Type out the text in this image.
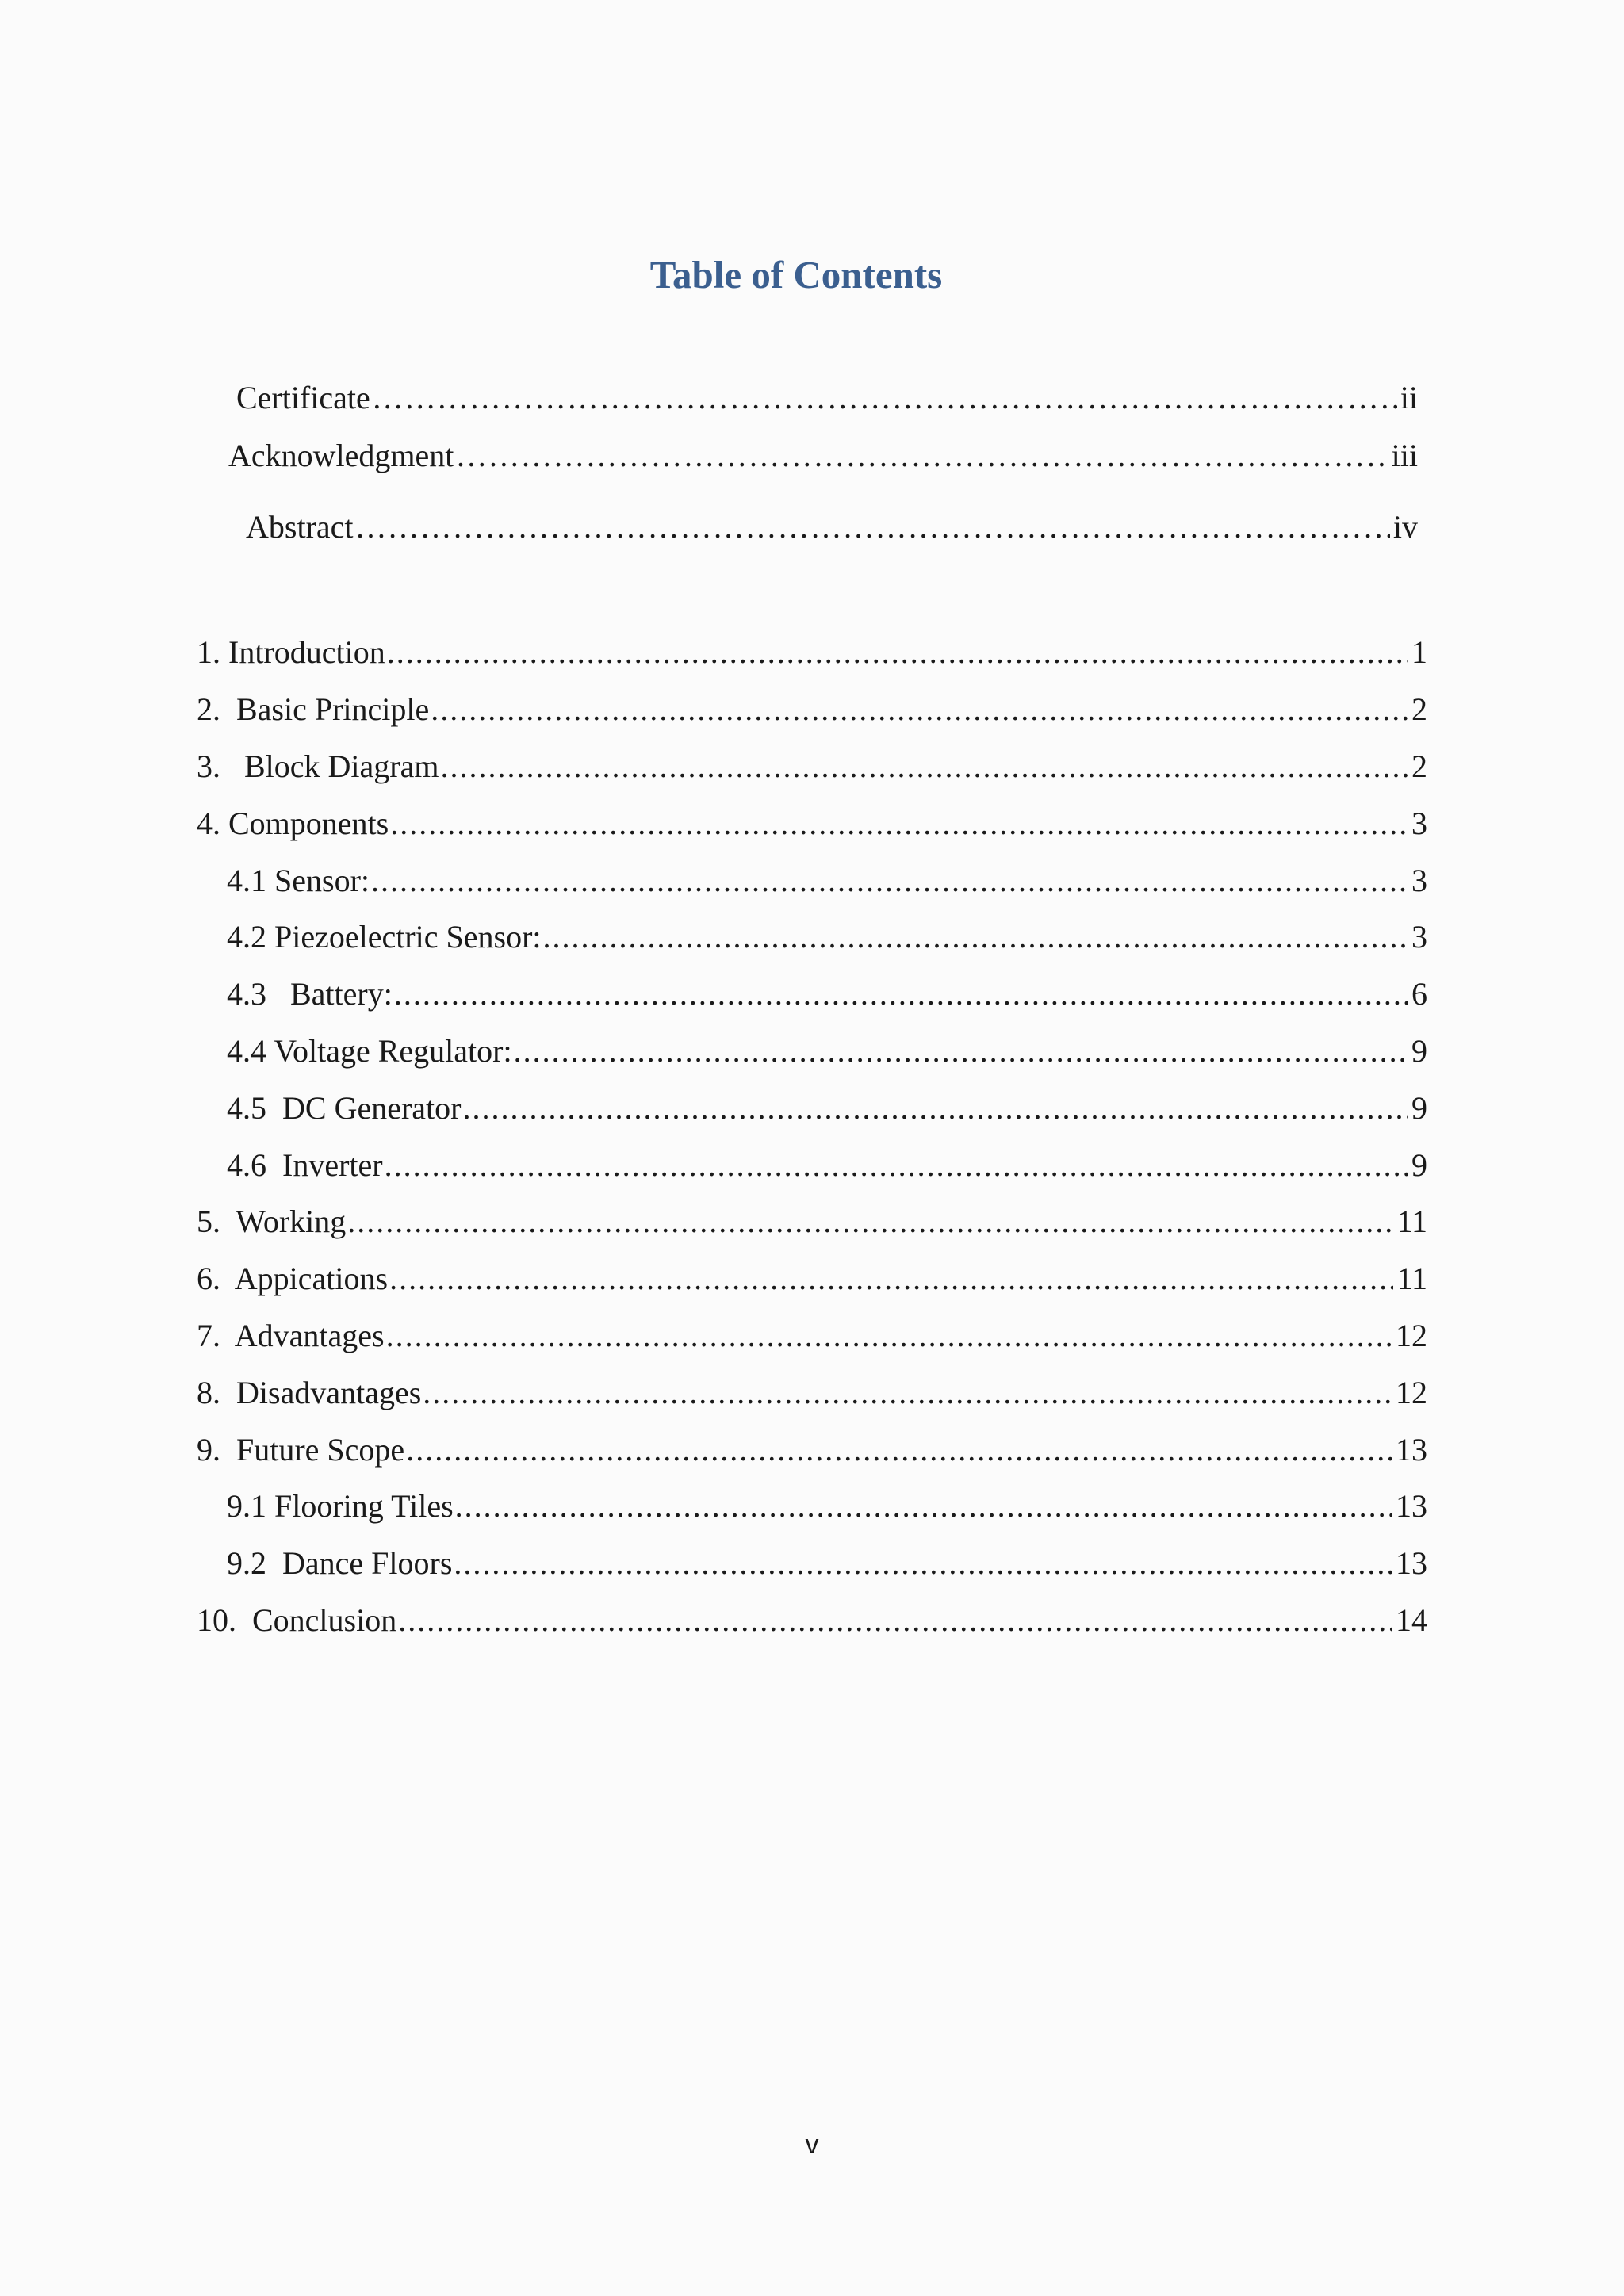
Table of Contents
Certificate ………………………………………………………………………………………………………………………………………………………………………………………………………………………………………………………………………	ii
Acknowledgment ………………………………………………………………………………………………………………………………………………………………………………………………………………………………………………………………………	iii
Abstract ………………………………………………………………………………………………………………………………………………………………………………………………………………………………………………………………………	iv
1. Introduction .....	1
2.  Basic Principle .....	2
3.   Block Diagram .....	2
4. Components .....	3
4.1 Sensor: .....	3
4.2 Piezoelectric Sensor: .....	3
4.3   Battery: .....	6
4.4 Voltage Regulator: .....	9
4.5  DC Generator .....	9
4.6  Inverter .....	9
5.  Working .....	11
6.  Appications .....	11
7.  Advantages .....	12
8.  Disadvantages .....	12
9.  Future Scope .....	13
9.1 Flooring Tiles .....	13
9.2  Dance Floors .....	13
10.  Conclusion .....	14
v
